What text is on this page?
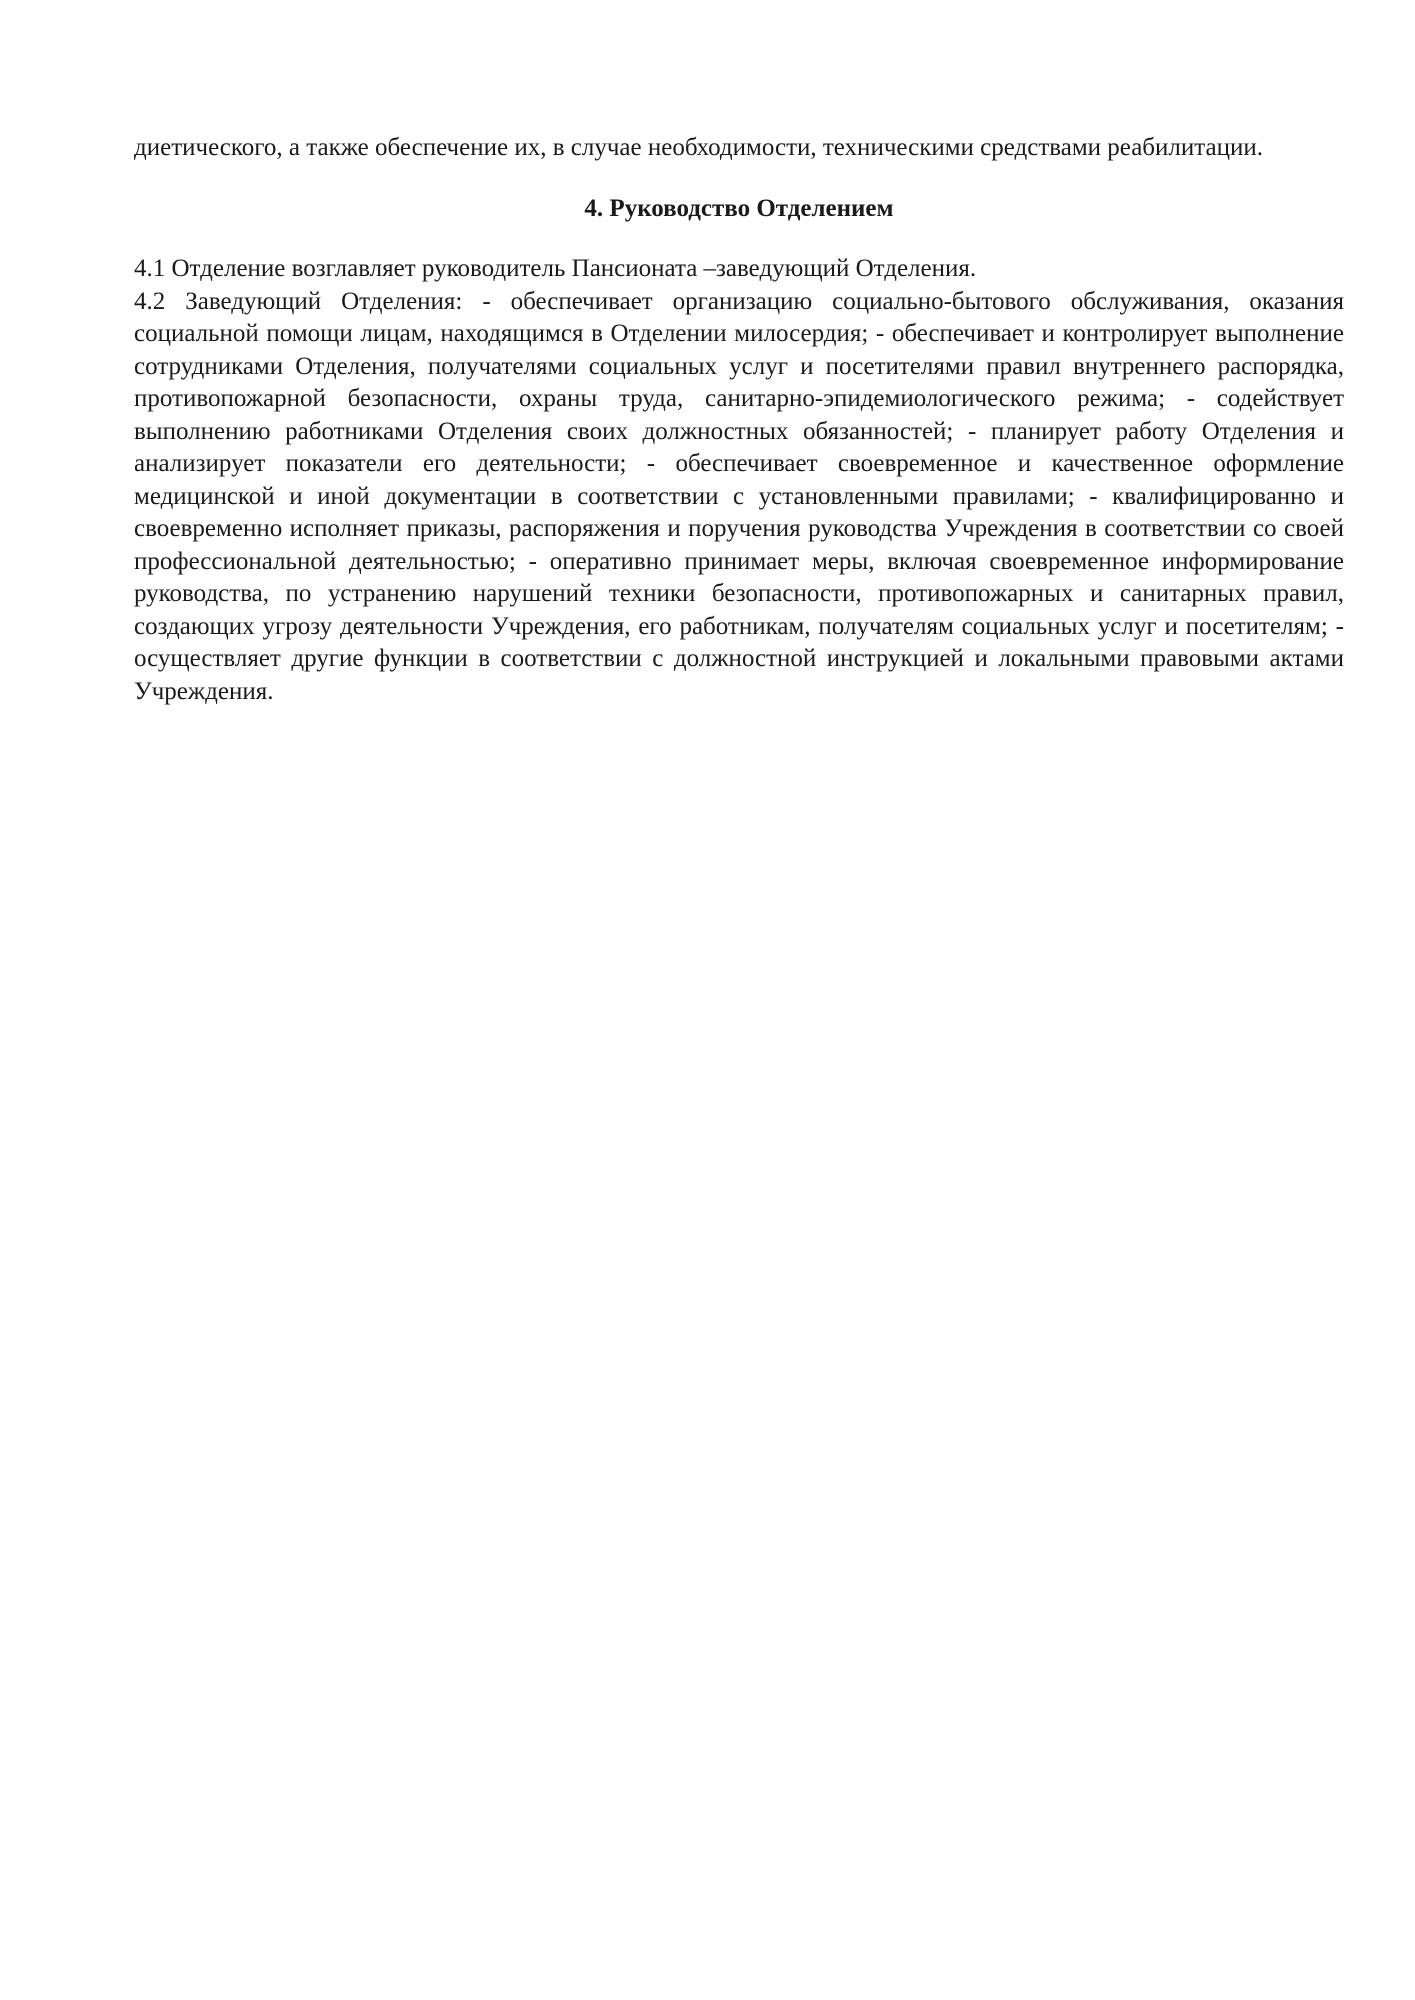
диетического, а также обеспечение их, в случае необходимости, техническими средствами реабилитации.

4. Руководство Отделением

4.1 Отделение возглавляет руководитель Пансионата –заведующий Отделения.

4.2 Заведующий Отделения: - обеспечивает организацию социально-бытового обслуживания, оказания социальной помощи лицам, находящимся в Отделении милосердия; - обеспечивает и контролирует выполнение сотрудниками Отделения, получателями социальных услуг и посетителями правил внутреннего распорядка, противопожарной безопасности, охраны труда, санитарно-эпидемиологического режима; - содействует выполнению работниками Отделения своих должностных обязанностей; - планирует работу Отделения и анализирует показатели его деятельности; - обеспечивает своевременное и качественное оформление медицинской и иной документации в соответствии с установленными правилами; - квалифицированно и своевременно исполняет приказы, распоряжения и поручения руководства Учреждения в соответствии со своей профессиональной деятельностью; - оперативно принимает меры, включая своевременное информирование руководства, по устранению нарушений техники безопасности, противопожарных и санитарных правил, создающих угрозу деятельности Учреждения, его работникам, получателям социальных услуг и посетителям; - осуществляет другие функции в соответствии с должностной инструкцией и локальными правовыми актами Учреждения.
